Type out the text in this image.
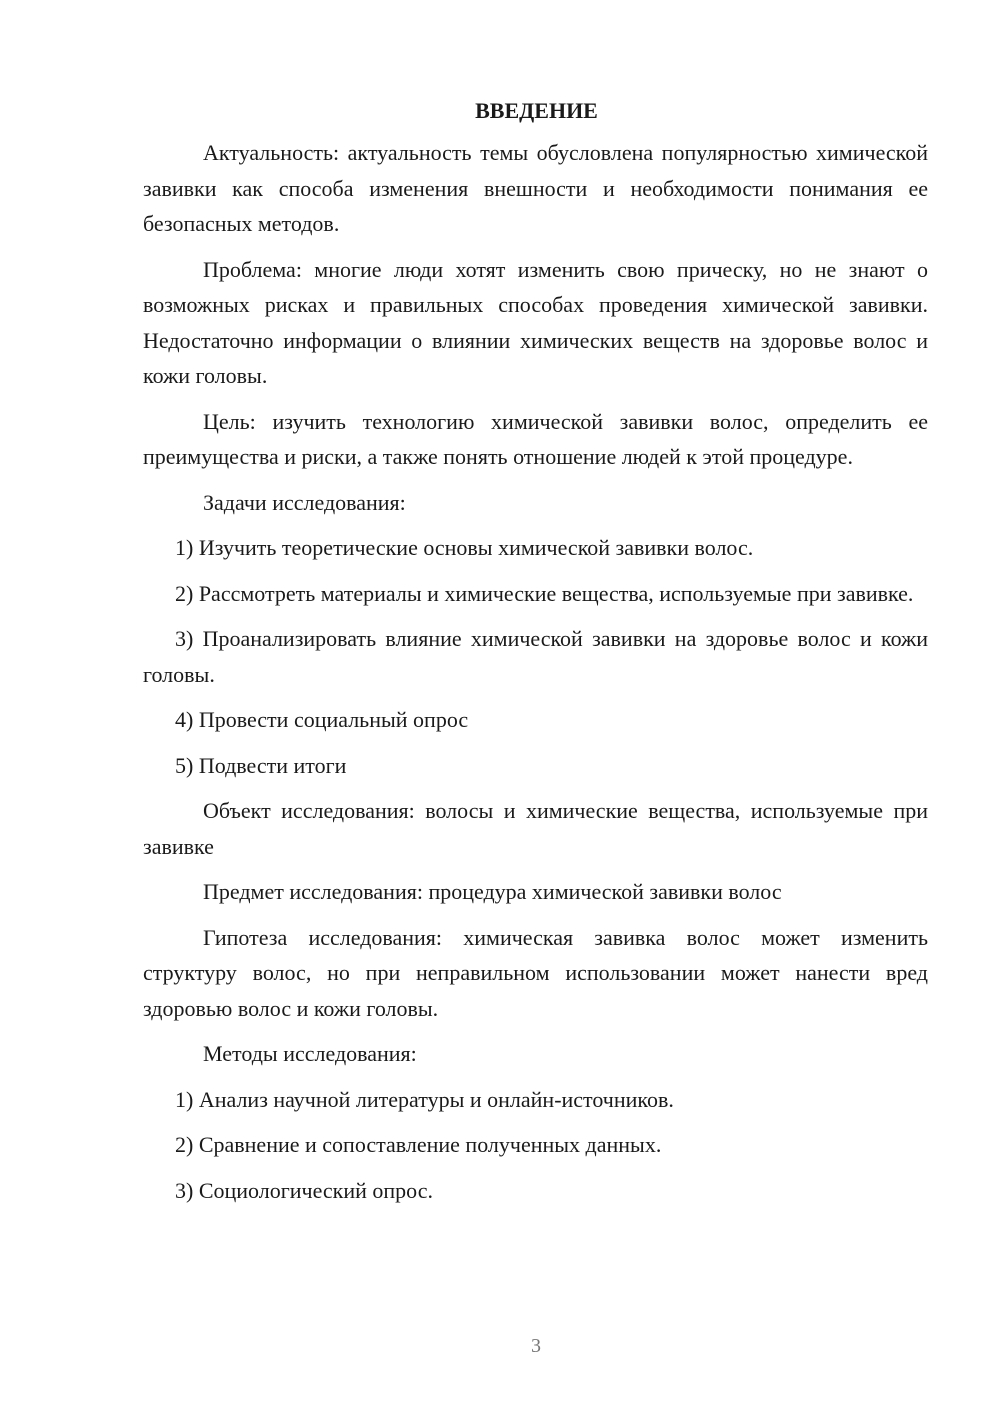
ВВЕДЕНИЕ

Актуальность: актуальность темы обусловлена популярностью химической завивки как способа изменения внешности и необходимости понимания ее безопасных методов.

Проблема: многие люди хотят изменить свою прическу, но не знают о возможных рисках и правильных способах проведения химической завивки. Недостаточно информации о влиянии химических веществ на здоровье волос и кожи головы.

Цель: изучить технологию химической завивки волос, определить ее преимущества и риски, а также понять отношение людей к этой процедуре.

Задачи исследования:

1) Изучить теоретические основы химической завивки волос.

2) Рассмотреть материалы и химические вещества, используемые при завивке.

3) Проанализировать влияние химической завивки на здоровье волос и кожи головы.

4) Провести социальный опрос

5) Подвести итоги

Объект исследования: волосы и химические вещества, используемые при завивке

Предмет исследования: процедура химической завивки волос

Гипотеза исследования: химическая завивка волос может изменить структуру волос, но при неправильном использовании может нанести вред здоровью волос и кожи головы.

Методы исследования:

1) Анализ научной литературы и онлайн-источников.

2) Сравнение и сопоставление полученных данных.

3) Социологический опрос.

3
